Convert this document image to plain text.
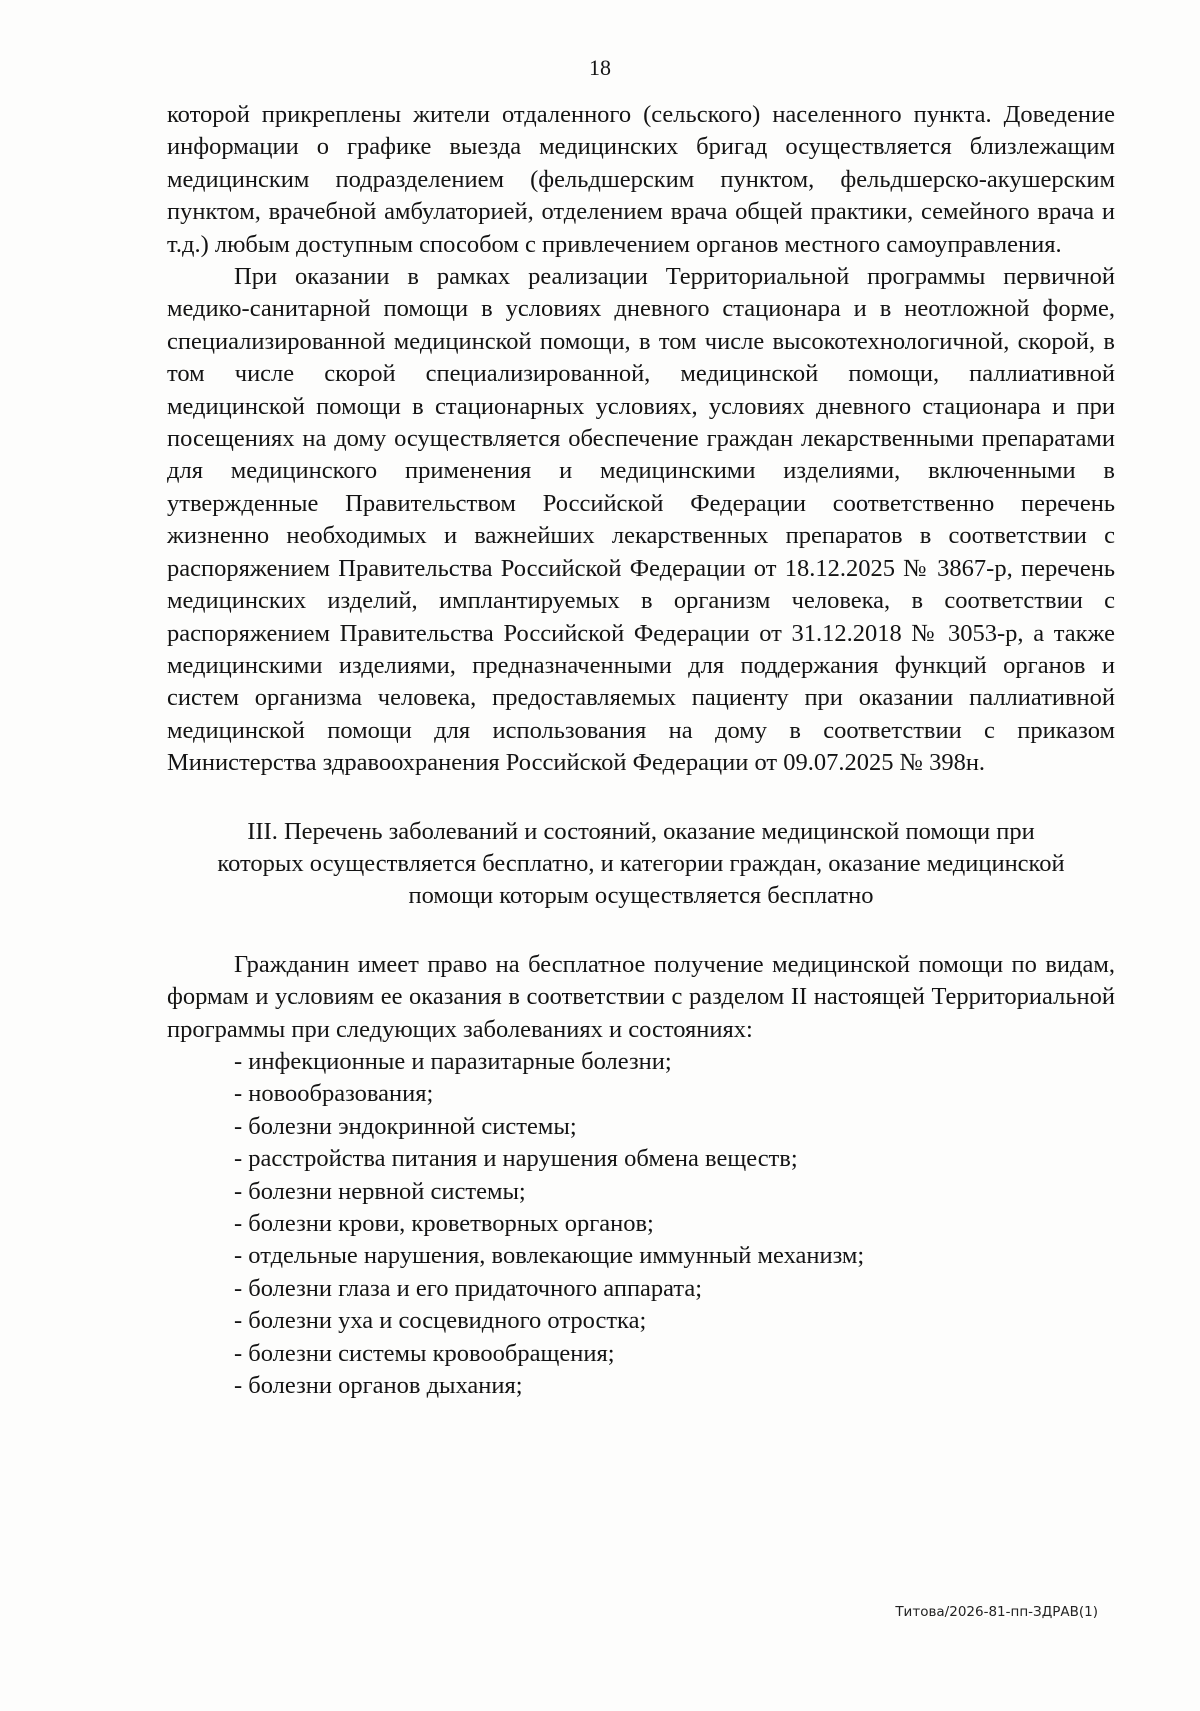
18

которой прикреплены жители отдаленного (сельского) населенного пункта. Доведение информации о графике выезда медицинских бригад осуществляется близлежащим медицинским подразделением (фельдшерским пунктом, фельдшерско-акушерским пунктом, врачебной амбулаторией, отделением врача общей практики, семейного врача и т.д.) любым доступным способом с привлечением органов местного самоуправления.

При оказании в рамках реализации Территориальной программы первичной медико-санитарной помощи в условиях дневного стационара и в неотложной форме, специализированной медицинской помощи, в том числе высокотехнологичной, скорой, в том числе скорой специализированной, медицинской помощи, паллиативной медицинской помощи в стационарных условиях, условиях дневного стационара и при посещениях на дому осуществляется обеспечение граждан лекарственными препаратами для медицинского применения и медицинскими изделиями, включенными в утвержденные Правительством Российской Федерации соответственно перечень жизненно необходимых и важнейших лекарственных препаратов в соответствии с распоряжением Правительства Российской Федерации от 18.12.2025 № 3867-р, перечень медицинских изделий, имплантируемых в организм человека, в соответствии с распоряжением Правительства Российской Федерации от 31.12.2018 № 3053-р, а также медицинскими изделиями, предназначенными для поддержания функций органов и систем организма человека, предоставляемых пациенту при оказании паллиативной медицинской помощи для использования на дому в соответствии с приказом Министерства здравоохранения Российской Федерации от 09.07.2025 № 398н.

III. Перечень заболеваний и состояний, оказание медицинской помощи при которых осуществляется бесплатно, и категории граждан, оказание медицинской помощи которым осуществляется бесплатно

Гражданин имеет право на бесплатное получение медицинской помощи по видам, формам и условиям ее оказания в соответствии с разделом II настоящей Территориальной программы при следующих заболеваниях и состояниях:

- инфекционные и паразитарные болезни;
- новообразования;
- болезни эндокринной системы;
- расстройства питания и нарушения обмена веществ;
- болезни нервной системы;
- болезни крови, кроветворных органов;
- отдельные нарушения, вовлекающие иммунный механизм;
- болезни глаза и его придаточного аппарата;
- болезни уха и сосцевидного отростка;
- болезни системы кровообращения;
- болезни органов дыхания;
Титова/2026-81-пп-ЗДРАВ(1)
